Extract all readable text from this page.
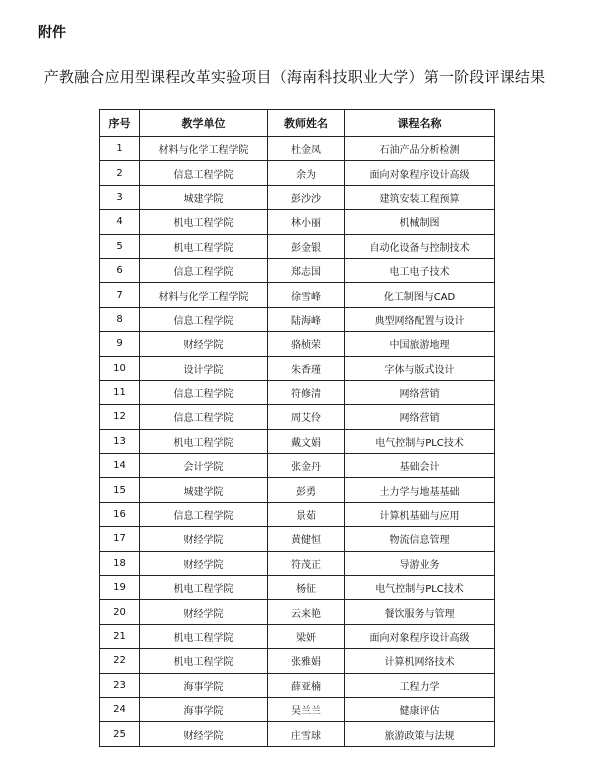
附件
产教融合应用型课程改革实验项目（海南科技职业大学）第一阶段评课结果
序号	教学单位	教师姓名	课程名称
1	材料与化学工程学院	杜金凤	石油产品分析检测
2	信息工程学院	余为	面向对象程序设计高级
3	城建学院	彭沙沙	建筑安装工程预算
4	机电工程学院	林小丽	机械制图
5	机电工程学院	彭金银	自动化设备与控制技术
6	信息工程学院	郑志国	电工电子技术
7	材料与化学工程学院	徐雪峰	化工制图与CAD
8	信息工程学院	陆海峰	典型网络配置与设计
9	财经学院	骆桢荣	中国旅游地理
10	设计学院	朱香瑾	字体与版式设计
11	信息工程学院	符修清	网络营销
12	信息工程学院	周艾伶	网络营销
13	机电工程学院	戴文娟	电气控制与PLC技术
14	会计学院	张金丹	基础会计
15	城建学院	彭勇	土力学与地基基础
16	信息工程学院	景茹	计算机基础与应用
17	财经学院	黄健恒	物流信息管理
18	财经学院	符茂正	导游业务
19	机电工程学院	杨征	电气控制与PLC技术
20	财经学院	云来艳	餐饮服务与管理
21	机电工程学院	梁妍	面向对象程序设计高级
22	机电工程学院	张雅娟	计算机网络技术
23	海事学院	薛亚楠	工程力学
24	海事学院	吴兰兰	健康评估
25	财经学院	庄雪球	旅游政策与法规
